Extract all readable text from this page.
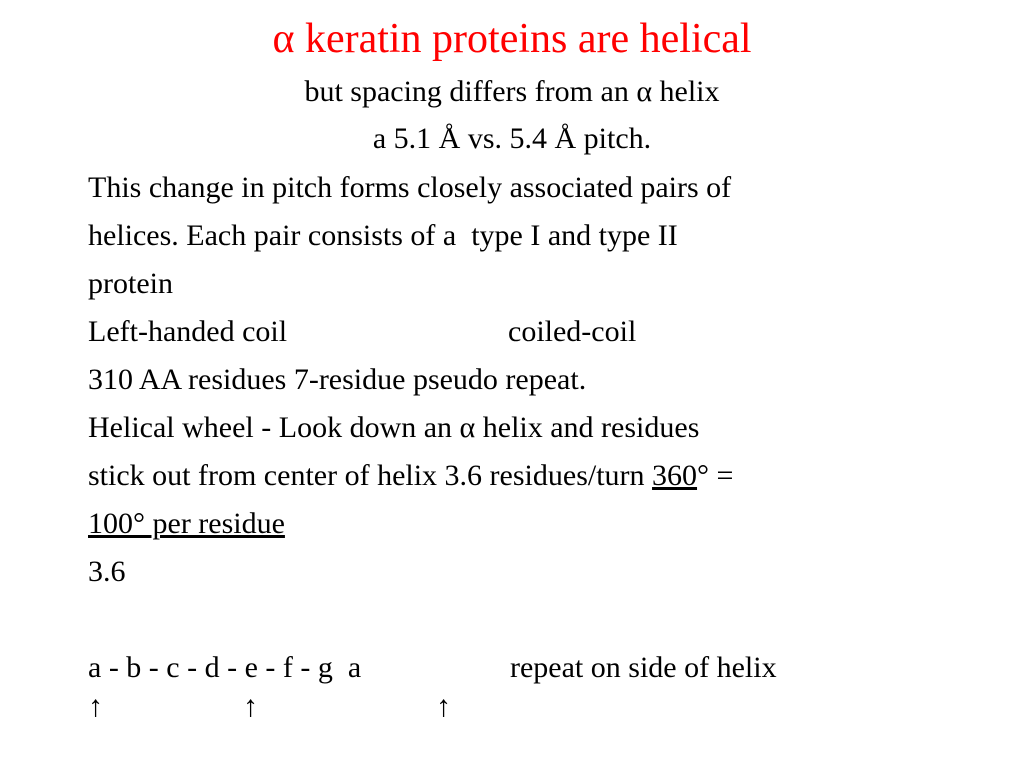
α keratin proteins are helical
but spacing differs from an α helix
a 5.1 Å vs. 5.4 Å pitch.
This change in pitch forms closely associated pairs of
helices. Each pair consists of a  type I and type II
protein
Left-handed coil	coiled-coil
310 AA residues 7-residue pseudo repeat.
Helical wheel - Look down an α helix and residues
stick out from center of helix 3.6 residues/turn 360° =
100° per residue
3.6
a - b - c - d - e - f - g  a	repeat on side of helix
↑	↑	↑
